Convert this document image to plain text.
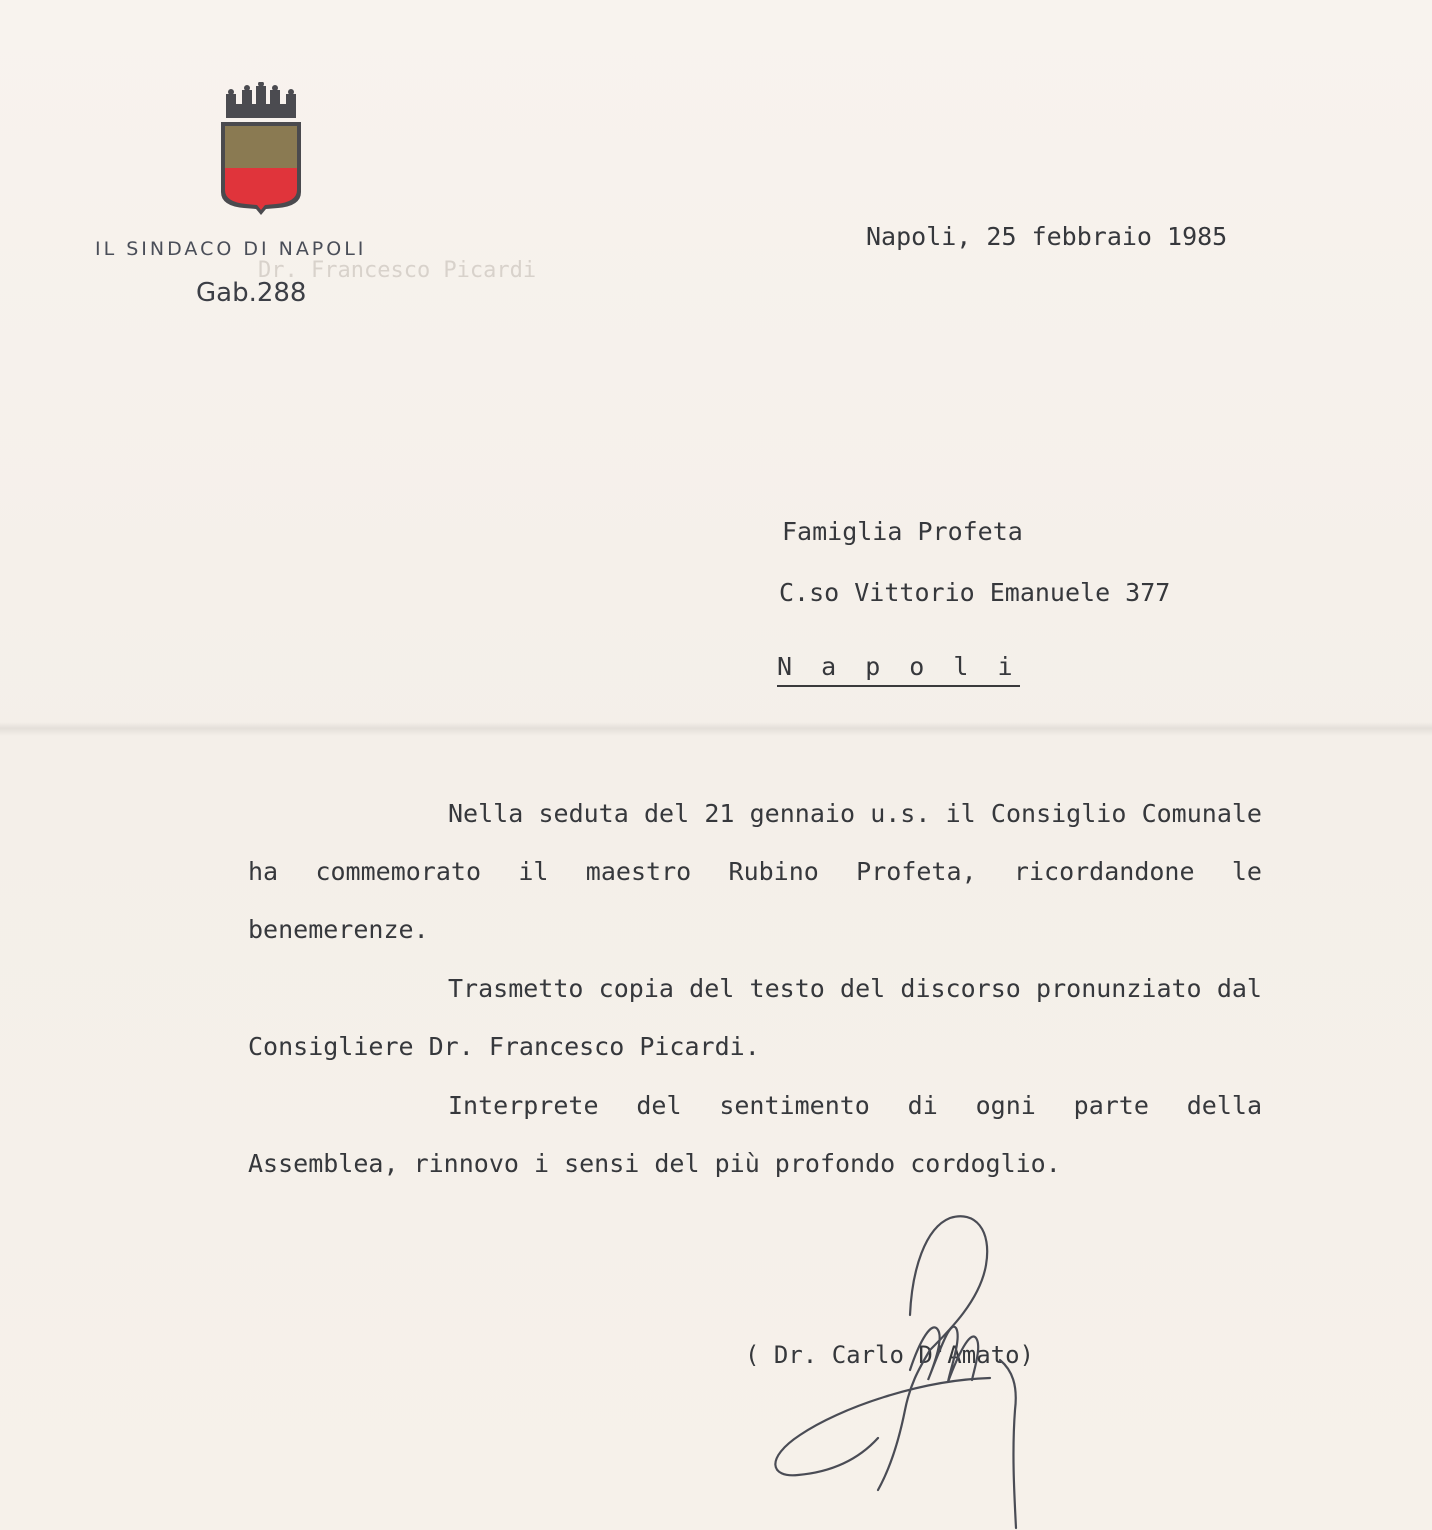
IL SINDACO DI NAPOLI
Dr. Francesco Picardi
Gab.288
Napoli, 25 febbraio 1985
Famiglia Profeta
C.so Vittorio Emanuele 377
N a p o l i

Nella seduta del 21 gennaio u.s. il Consiglio Comunale ha commemorato il maestro Rubino Profeta, ricordandone le benemerenze.

Trasmetto copia del testo del discorso pronunziato dal Consigliere Dr. Francesco Picardi.

Interprete del sentimento di ogni parte della Assemblea, rinnovo i sensi del più profondo cordoglio.

( Dr. Carlo D'Amato)
